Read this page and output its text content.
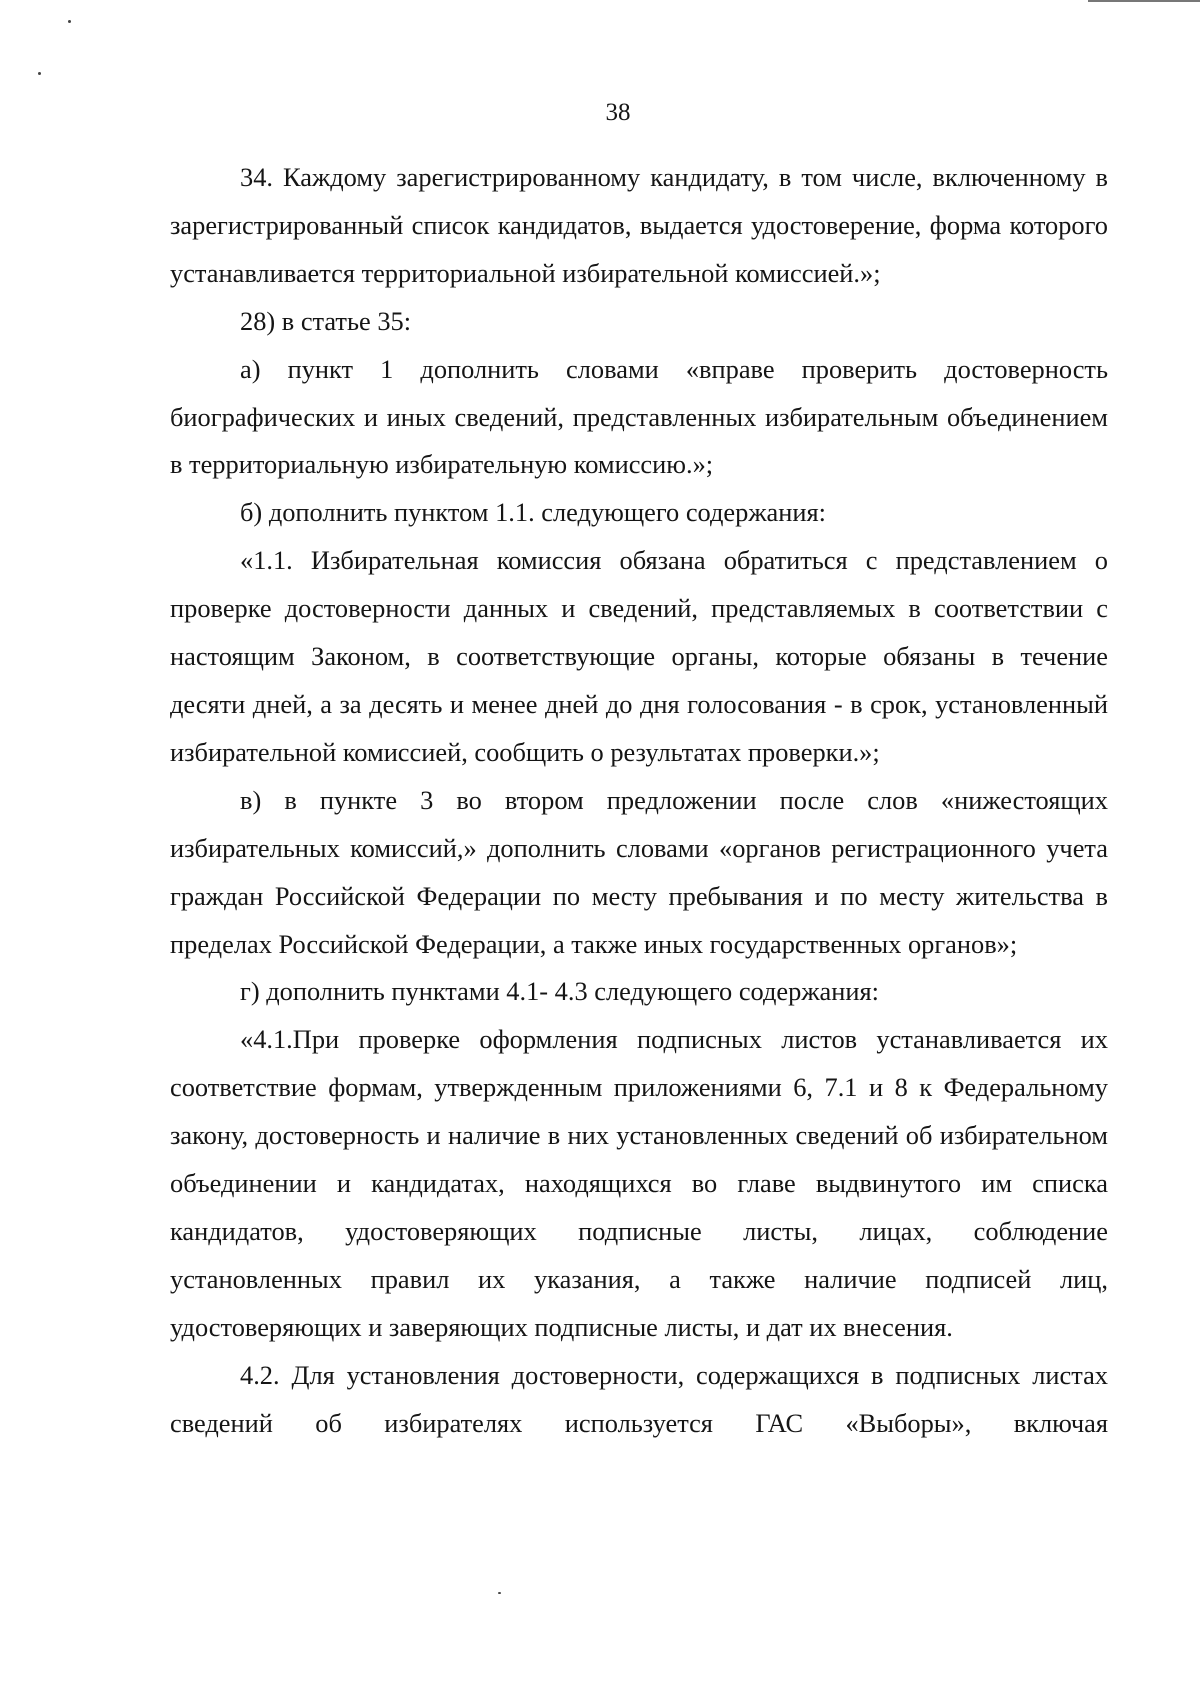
38

34. Каждому зарегистрированному кандидату, в том числе, включенному в зарегистрированный список кандидатов, выдается удостоверение, форма которого устанавливается территориальной избирательной комиссией.»;

28) в статье 35:

а) пункт 1 дополнить словами «вправе проверить достоверность биографических и иных сведений, представленных избирательным объединением в территориальную избирательную комиссию.»;

б) дополнить пунктом 1.1. следующего содержания:

«1.1. Избирательная комиссия обязана обратиться с представлением о проверке достоверности данных и сведений, представляемых в соответствии с настоящим Законом, в соответствующие органы, которые обязаны в течение десяти дней, а за десять и менее дней до дня голосования - в срок, установленный избирательной комиссией, сообщить о результатах проверки.»;

в) в пункте 3 во втором предложении после слов «нижестоящих избирательных комиссий,» дополнить словами «органов регистрационного учета граждан Российской Федерации по месту пребывания и по месту жительства в пределах Российской Федерации, а также иных государственных органов»;

г) дополнить пунктами 4.1- 4.3 следующего содержания:

«4.1.При проверке оформления подписных листов устанавливается их соответствие формам, утвержденным приложениями 6, 7.1 и 8 к Федеральному закону, достоверность и наличие в них установленных сведений об избирательном объединении и кандидатах, находящихся во главе выдвинутого им списка кандидатов, удостоверяющих подписные листы, лицах, соблюдение установленных правил их указания, а также наличие подписей лиц, удостоверяющих и заверяющих подписные листы, и дат их внесения.

4.2. Для установления достоверности, содержащихся в подписных листах сведений об избирателях используется ГАС «Выборы», включая
